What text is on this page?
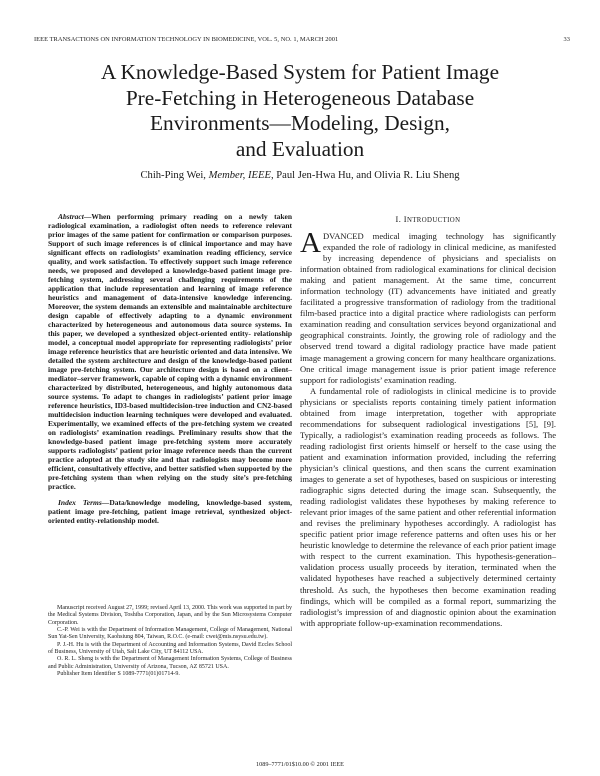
IEEE TRANSACTIONS ON INFORMATION TECHNOLOGY IN BIOMEDICINE, VOL. 5, NO. 1, MARCH 2001	33
A Knowledge-Based System for Patient Image
Pre-Fetching in Heterogeneous Database
Environments—Modeling, Design,
and Evaluation
Chih-Ping Wei, Member, IEEE, Paul Jen-Hwa Hu, and Olivia R. Liu Sheng

Abstract—When performing primary reading on a newly taken radiological examination, a radiologist often needs to reference relevant prior images of the same patient for confirmation or comparison purposes. Support of such image references is of clinical importance and may have significant effects on radiologists’ examination reading efficiency, service quality, and work satisfaction. To effectively support such image reference needs, we proposed and developed a knowledge-based patient image pre-fetching system, addressing several challenging requirements of the application that include representation and learning of image reference heuristics and management of data-intensive knowledge inferencing. Moreover, the system demands an extensible and maintainable architecture design capable of effectively adapting to a dynamic environment characterized by heterogeneous and autonomous data source systems. In this paper, we developed a synthesized object-oriented entity- relationship model, a conceptual model appropriate for representing radiologists’ prior image reference heuristics that are heuristic oriented and data intensive. We detailed the system architecture and design of the knowledge-based patient image pre-fetching system. Our architecture design is based on a client–mediator–server framework, capable of coping with a dynamic environment characterized by distributed, heterogeneous, and highly autonomous data source systems. To adapt to changes in radiologists’ patient prior image reference heuristics, ID3-based multidecision-tree induction and CN2-based multidecision induction learning techniques were developed and evaluated. Experimentally, we examined effects of the pre-fetching system we created on radiologists’ examination readings. Preliminary results show that the knowledge-based patient image pre-fetching system more accurately supports radiologists’ patient prior image reference needs than the current practice adopted at the study site and that radiologists may become more efficient, consultatively effective, and better satisfied when supported by the pre-fetching system than when relying on the study site’s pre-fetching practice.

Index Terms—Data/knowledge modeling, knowledge-based system, patient image pre-fetching, patient image retrieval, synthesized object-oriented entity-relationship model.

Manuscript received August 27, 1999; revised April 13, 2000. This work was supported in part by the Medical Systems Division, Toshiba Corporation, Japan, and by the Sun Microsystems Computer Corporation.

C.-P. Wei is with the Department of Information Management, College of Management, National Sun Yat-Sen University, Kaohsiung 804, Taiwan, R.O.C. (e-mail: cwei@mis.nsysu.edu.tw).

P. J.-H. Hu is with the Department of Accounting and Information Systems, David Eccles School of Business, University of Utah, Salt Lake City, UT 84112 USA.

O. R. L. Sheng is with the Department of Management Information Systems, College of Business and Public Administration, University of Arizona, Tucson, AZ 85721 USA.

Publisher Item Identifier S 1089-7771(01)01714-9.

I. INTRODUCTION

ADVANCED medical imaging technology has significantly expanded the role of radiology in clinical medicine, as manifested by increasing dependence of physicians and specialists on information obtained from radiological examinations for clinical decision making and patient management. At the same time, concurrent information technology (IT) advancements have initiated and greatly facilitated a progressive transformation of radiology from the traditional film-based practice into a digital practice where radiologists can perform examination reading and consultation services beyond organizational and geographical constraints. Jointly, the growing role of radiology and the observed trend toward a digital radiology practice have made patient image management a growing concern for many healthcare organizations. One critical image management issue is prior patient image reference support for radiologists’ examination reading.

A fundamental role of radiologists in clinical medicine is to provide physicians or specialists reports containing timely patient information obtained from image interpretation, together with appropriate recommendations for subsequent radiological investigations [5], [9]. Typically, a radiologist’s examination reading proceeds as follows. The reading radiologist first orients himself or herself to the case using the patient and examination information provided, including the referring physician’s clinical questions, and then scans the current examination images to generate a set of hypotheses, based on suspicious or interesting radiographic signs detected during the image scan. Subsequently, the reading radiologist validates these hypotheses by making reference to relevant prior images of the same patient and other referential information and revises the preliminary hypotheses accordingly. A radiologist has specific patient prior image reference patterns and often uses his or her heuristic knowledge to determine the relevance of each prior patient image with respect to the current examination. This hypothesis-generation–validation process usually proceeds by iteration, terminated when the validated hypotheses have reached a subjectively determined certainty threshold. As such, the hypotheses then become examination reading findings, which will be compiled as a formal report, summarizing the radiologist’s impression of and diagnostic opinion about the examination with appropriate follow-up-examination recommendations.

1089–7771/01$10.00 © 2001 IEEE
